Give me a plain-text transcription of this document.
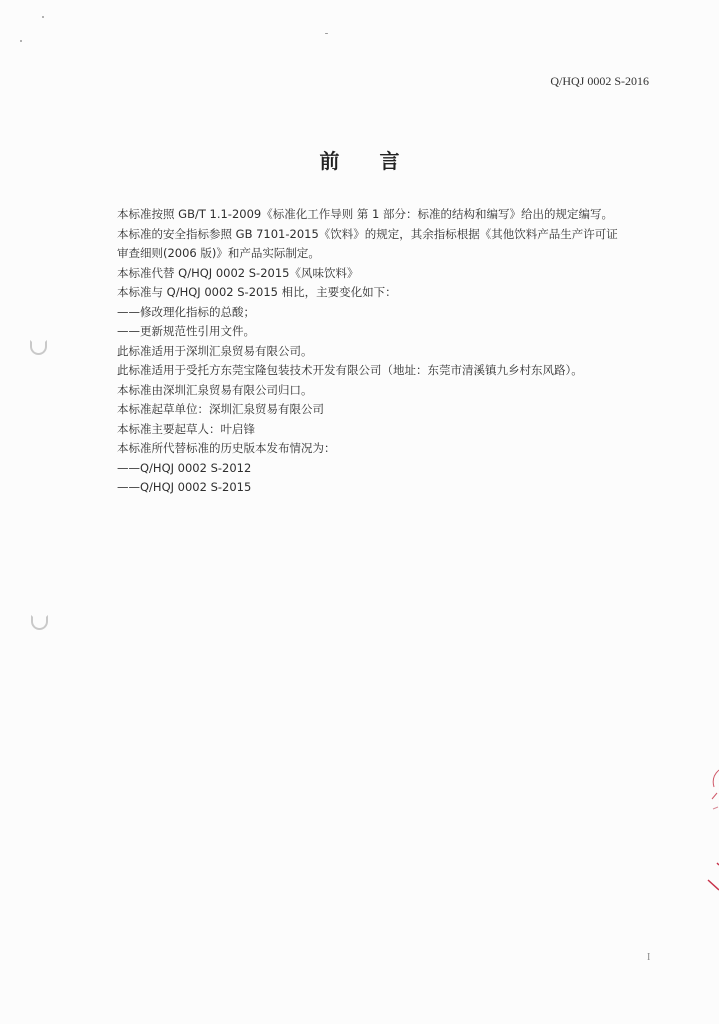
Q/HQJ 0002 S-2016
前言
本标准按照 GB/T 1.1-2009《标准化工作导则 第 1 部分：标准的结构和编写》给出的规定编写。
本标准的安全指标参照 GB 7101-2015《饮料》的规定，其余指标根据《其他饮料产品生产许可证
审查细则(2006 版)》和产品实际制定。
本标准代替 Q/HQJ 0002 S-2015《风味饮料》
本标准与 Q/HQJ 0002 S-2015 相比，主要变化如下：
——修改理化指标的总酸；
——更新规范性引用文件。
此标准适用于深圳汇泉贸易有限公司。
此标准适用于受托方东莞宝隆包装技术开发有限公司（地址：东莞市清溪镇九乡村东风路）。
本标准由深圳汇泉贸易有限公司归口。
本标准起草单位：深圳汇泉贸易有限公司
本标准主要起草人：叶启锋
本标准所代替标准的历史版本发布情况为：
——Q/HQJ 0002 S-2012
——Q/HQJ 0002 S-2015
I
